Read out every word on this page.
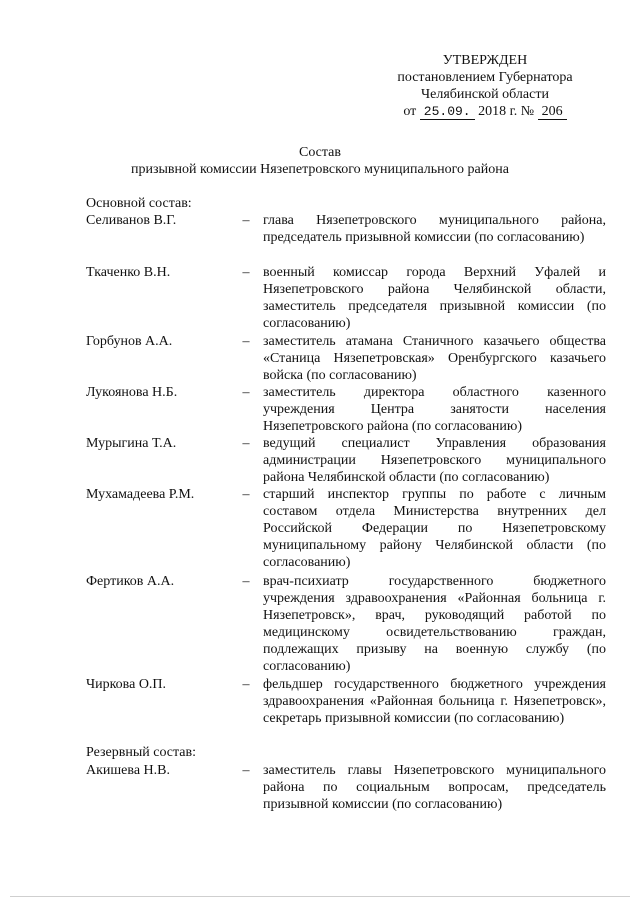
УТВЕРЖДЕН
постановлением Губернатора
Челябинской области
от 25.09. 2018 г. № 206
Состав
призывной комиссии Нязепетровского муниципального района
Основной состав:
Селиванов В.Г.	– глава Нязепетровского муниципального района, председатель призывной комиссии (по согласованию)
Ткаченко В.Н.	– военный комиссар города Верхний Уфалей и Нязепетровского района Челябинской области, заместитель председателя призывной комиссии (по согласованию)
Горбунов А.А.	– заместитель атамана Станичного казачьего общества «Станица Нязепетровская» Оренбургского казачьего войска (по согласованию)
Лукоянова Н.Б.	– заместитель директора областного казенного учреждения Центра занятости населения Нязепетровского района (по согласованию)
Мурыгина Т.А.	– ведущий специалист Управления образования администрации Нязепетровского муниципального района Челябинской области (по согласованию)
Мухамадеева Р.М.	– старший инспектор группы по работе с личным составом отдела Министерства внутренних дел Российской Федерации по Нязепетровскому муниципальному району Челябинской области (по согласованию)
Фертиков А.А.	– врач-психиатр государственного бюджетного учреждения здравоохранения «Районная больница г. Нязепетровск», врач, руководящий работой по медицинскому освидетельствованию граждан, подлежащих призыву на военную службу (по согласованию)
Чиркова О.П.	– фельдшер государственного бюджетного учреждения здравоохранения «Районная больница г. Нязепетровск», секретарь призывной комиссии (по согласованию)
Резервный состав:
Акишева Н.В.	– заместитель главы Нязепетровского муниципального района по социальным вопросам, председатель призывной комиссии (по согласованию)
